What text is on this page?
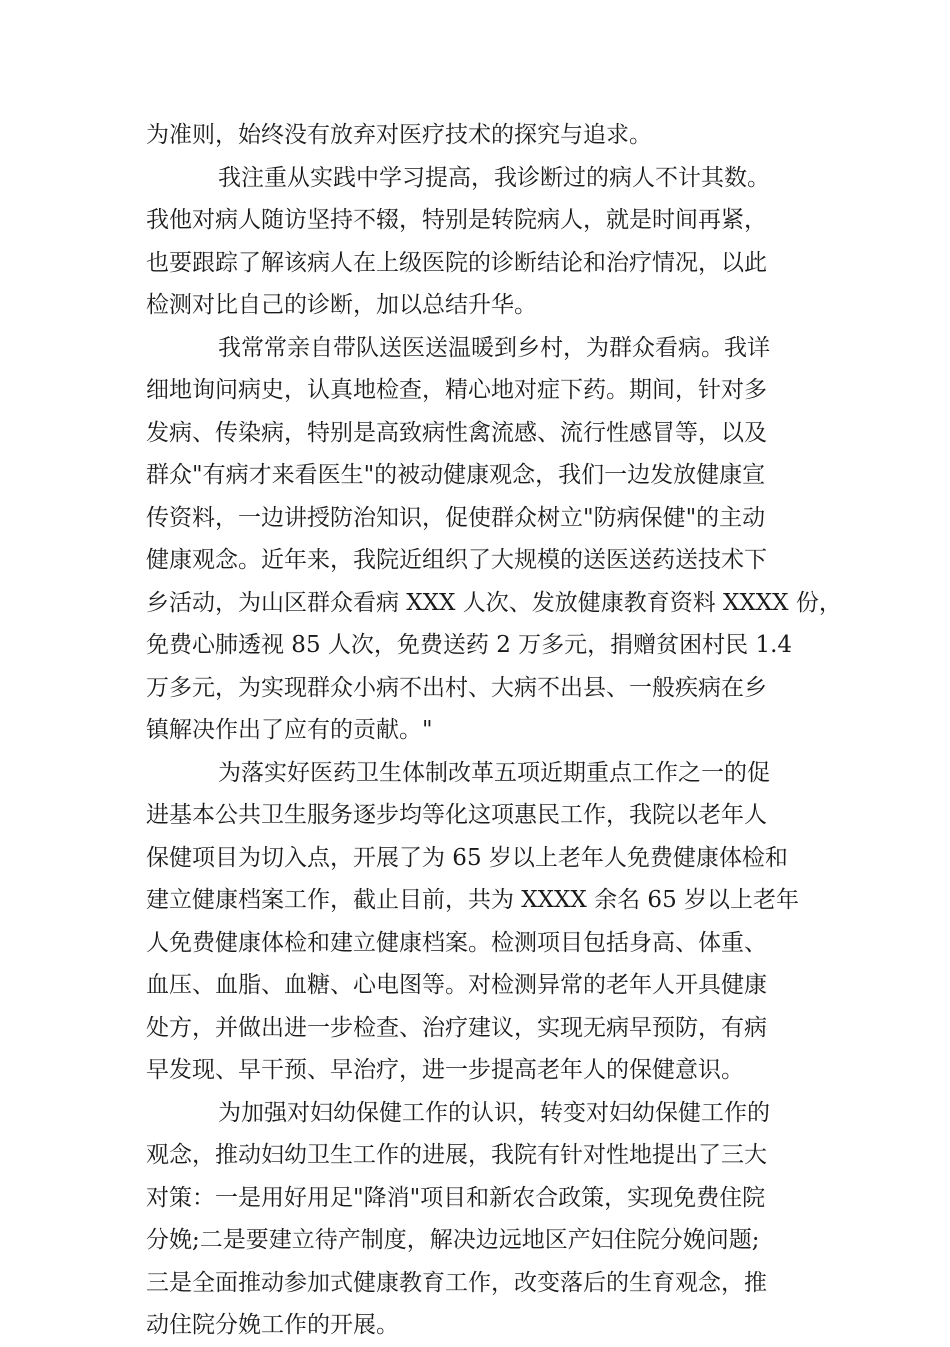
为准则，始终没有放弃对医疗技术的探究与追求。
我注重从实践中学习提高，我诊断过的病人不计其数。
我他对病人随访坚持不辍，特别是转院病人，就是时间再紧，
也要跟踪了解该病人在上级医院的诊断结论和治疗情况，以此
检测对比自己的诊断，加以总结升华。
我常常亲自带队送医送温暖到乡村，为群众看病。我详
细地询问病史，认真地检查，精心地对症下药。期间，针对多
发病、传染病，特别是高致病性禽流感、流行性感冒等，以及
群众"有病才来看医生"的被动健康观念，我们一边发放健康宣
传资料，一边讲授防治知识，促使群众树立"防病保健"的主动
健康观念。近年来，我院近组织了大规模的送医送药送技术下
乡活动，为山区群众看病 XXX 人次、发放健康教育资料 XXXX 份，
免费心肺透视 85 人次，免费送药 2 万多元，捐赠贫困村民 1.4
万多元，为实现群众小病不出村、大病不出县、一般疾病在乡
镇解决作出了应有的贡献。"
为落实好医药卫生体制改革五项近期重点工作之一的促
进基本公共卫生服务逐步均等化这项惠民工作，我院以老年人
保健项目为切入点，开展了为 65 岁以上老年人免费健康体检和
建立健康档案工作，截止目前，共为 XXXX 余名 65 岁以上老年
人免费健康体检和建立健康档案。检测项目包括身高、体重、
血压、血脂、血糖、心电图等。对检测异常的老年人开具健康
处方，并做出进一步检查、治疗建议，实现无病早预防，有病
早发现、早干预、早治疗，进一步提高老年人的保健意识。
为加强对妇幼保健工作的认识，转变对妇幼保健工作的
观念，推动妇幼卫生工作的进展，我院有针对性地提出了三大
对策：一是用好用足"降消"项目和新农合政策，实现免费住院
分娩;二是要建立待产制度，解决边远地区产妇住院分娩问题;
三是全面推动参加式健康教育工作，改变落后的生育观念，推
动住院分娩工作的开展。
